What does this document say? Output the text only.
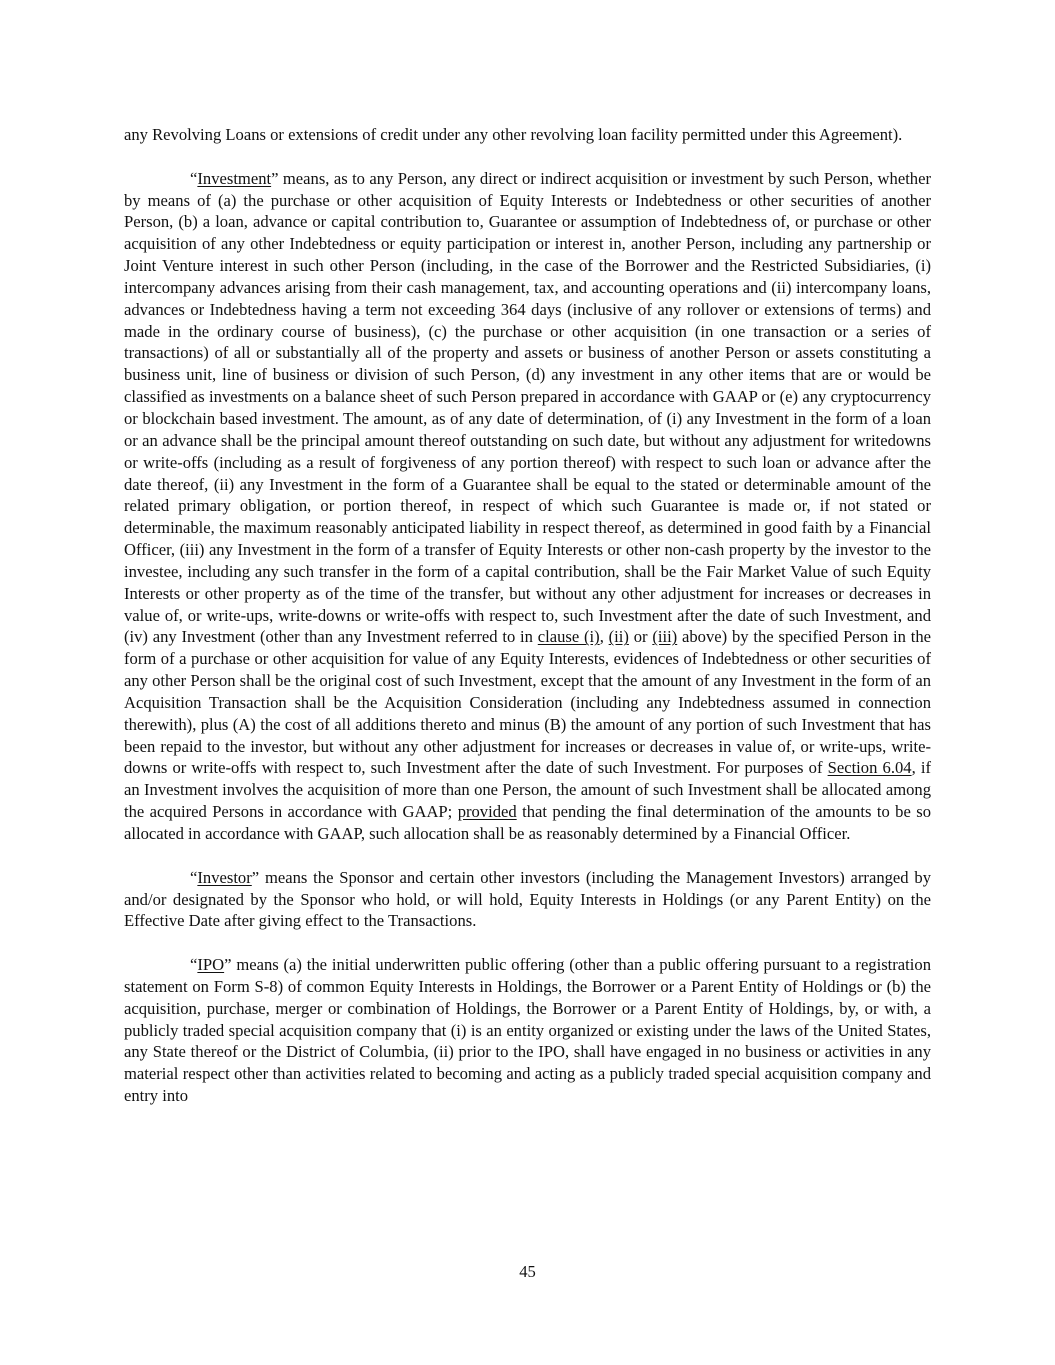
any Revolving Loans or extensions of credit under any other revolving loan facility permitted under this Agreement).

“Investment” means, as to any Person, any direct or indirect acquisition or investment by such Person, whether by means of (a) the purchase or other acquisition of Equity Interests or Indebtedness or other securities of another Person, (b) a loan, advance or capital contribution to, Guarantee or assumption of Indebtedness of, or purchase or other acquisition of any other Indebtedness or equity participation or interest in, another Person, including any partnership or Joint Venture interest in such other Person (including, in the case of the Borrower and the Restricted Subsidiaries, (i) intercompany advances arising from their cash management, tax, and accounting operations and (ii) intercompany loans, advances or Indebtedness having a term not exceeding 364 days (inclusive of any rollover or extensions of terms) and made in the ordinary course of business), (c) the purchase or other acquisition (in one transaction or a series of transactions) of all or substantially all of the property and assets or business of another Person or assets constituting a business unit, line of business or division of such Person, (d) any investment in any other items that are or would be classified as investments on a balance sheet of such Person prepared in accordance with GAAP or (e) any cryptocurrency or blockchain based investment. The amount, as of any date of determination, of (i) any Investment in the form of a loan or an advance shall be the principal amount thereof outstanding on such date, but without any adjustment for writedowns or write-offs (including as a result of forgiveness of any portion thereof) with respect to such loan or advance after the date thereof, (ii) any Investment in the form of a Guarantee shall be equal to the stated or determinable amount of the related primary obligation, or portion thereof, in respect of which such Guarantee is made or, if not stated or determinable, the maximum reasonably anticipated liability in respect thereof, as determined in good faith by a Financial Officer, (iii) any Investment in the form of a transfer of Equity Interests or other non-cash property by the investor to the investee, including any such transfer in the form of a capital contribution, shall be the Fair Market Value of such Equity Interests or other property as of the time of the transfer, but without any other adjustment for increases or decreases in value of, or write-ups, write-downs or write-offs with respect to, such Investment after the date of such Investment, and (iv) any Investment (other than any Investment referred to in clause (i), (ii) or (iii) above) by the specified Person in the form of a purchase or other acquisition for value of any Equity Interests, evidences of Indebtedness or other securities of any other Person shall be the original cost of such Investment, except that the amount of any Investment in the form of an Acquisition Transaction shall be the Acquisition Consideration (including any Indebtedness assumed in connection therewith), plus (A) the cost of all additions thereto and minus (B) the amount of any portion of such Investment that has been repaid to the investor, but without any other adjustment for increases or decreases in value of, or write-ups, write-downs or write-offs with respect to, such Investment after the date of such Investment. For purposes of Section 6.04, if an Investment involves the acquisition of more than one Person, the amount of such Investment shall be allocated among the acquired Persons in accordance with GAAP; provided that pending the final determination of the amounts to be so allocated in accordance with GAAP, such allocation shall be as reasonably determined by a Financial Officer.

“Investor” means the Sponsor and certain other investors (including the Management Investors) arranged by and/or designated by the Sponsor who hold, or will hold, Equity Interests in Holdings (or any Parent Entity) on the Effective Date after giving effect to the Transactions.

“IPO” means (a) the initial underwritten public offering (other than a public offering pursuant to a registration statement on Form S-8) of common Equity Interests in Holdings, the Borrower or a Parent Entity of Holdings or (b) the acquisition, purchase, merger or combination of Holdings, the Borrower or a Parent Entity of Holdings, by, or with, a publicly traded special acquisition company that (i) is an entity organized or existing under the laws of the United States, any State thereof or the District of Columbia, (ii) prior to the IPO, shall have engaged in no business or activities in any material respect other than activities related to becoming and acting as a publicly traded special acquisition company and entry into

45
